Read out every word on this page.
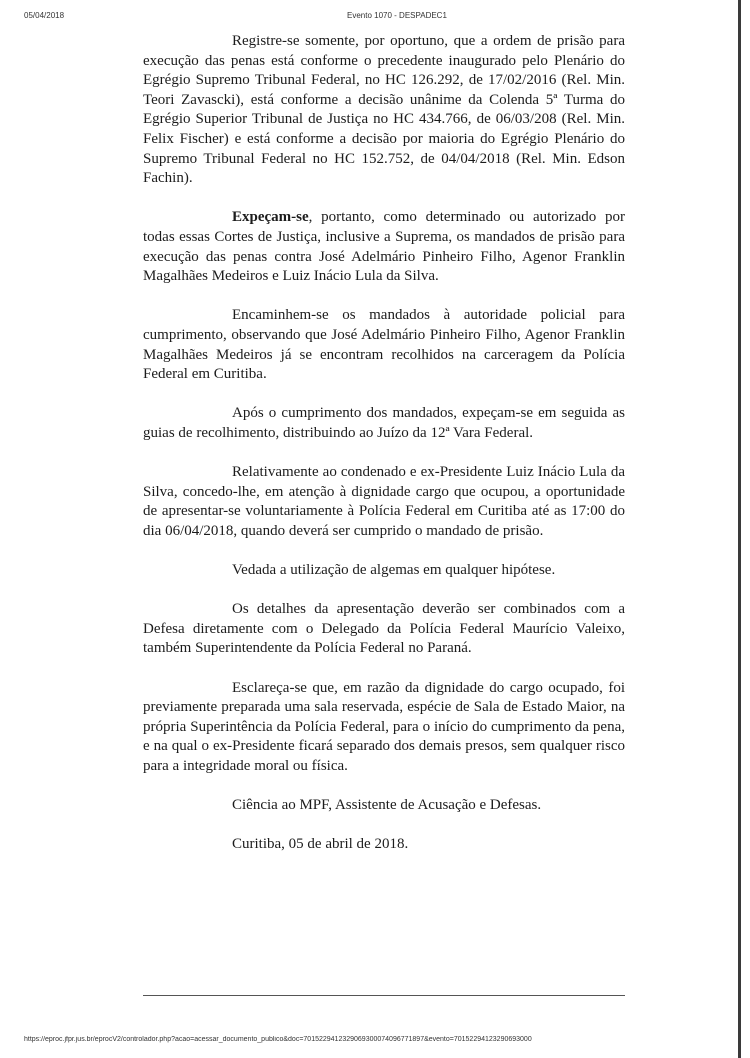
05/04/2018	Evento 1070 - DESPADEC1

Registre-se somente, por oportuno, que a ordem de prisão para execução das penas está conforme o precedente inaugurado pelo Plenário do Egrégio Supremo Tribunal Federal, no HC 126.292, de 17/02/2016 (Rel. Min. Teori Zavascki), está conforme a decisão unânime da Colenda 5ª Turma do Egrégio Superior Tribunal de Justiça no HC 434.766, de 06/03/208 (Rel. Min. Felix Fischer) e está conforme a decisão por maioria do Egrégio Plenário do Supremo Tribunal Federal no HC 152.752, de 04/04/2018 (Rel. Min. Edson Fachin).

Expeçam-se, portanto, como determinado ou autorizado por todas essas Cortes de Justiça, inclusive a Suprema, os mandados de prisão para execução das penas contra José Adelmário Pinheiro Filho, Agenor Franklin Magalhães Medeiros e Luiz Inácio Lula da Silva.

Encaminhem-se os mandados à autoridade policial para cumprimento, observando que José Adelmário Pinheiro Filho, Agenor Franklin Magalhães Medeiros já se encontram recolhidos na carceragem da Polícia Federal em Curitiba.

Após o cumprimento dos mandados, expeçam-se em seguida as guias de recolhimento, distribuindo ao Juízo da 12ª Vara Federal.

Relativamente ao condenado e ex-Presidente Luiz Inácio Lula da Silva, concedo-lhe, em atenção à dignidade cargo que ocupou, a oportunidade de apresentar-se voluntariamente à Polícia Federal em Curitiba até as 17:00 do dia 06/04/2018, quando deverá ser cumprido o mandado de prisão.

Vedada a utilização de algemas em qualquer hipótese.

Os detalhes da apresentação deverão ser combinados com a Defesa diretamente com o Delegado da Polícia Federal Maurício Valeixo, também Superintendente da Polícia Federal no Paraná.

Esclareça-se que, em razão da dignidade do cargo ocupado, foi previamente preparada uma sala reservada, espécie de Sala de Estado Maior, na própria Superintência da Polícia Federal, para o início do cumprimento da pena, e na qual o ex-Presidente ficará separado dos demais presos, sem qualquer risco para a integridade moral ou física.

Ciência ao MPF, Assistente de Acusação e Defesas.

Curitiba, 05 de abril de 2018.

https://eproc.jfpr.jus.br/eprocV2/controlador.php?acao=acessar_documento_publico&doc=701522941232906930007409677189​7&evento=70152294123290693000
